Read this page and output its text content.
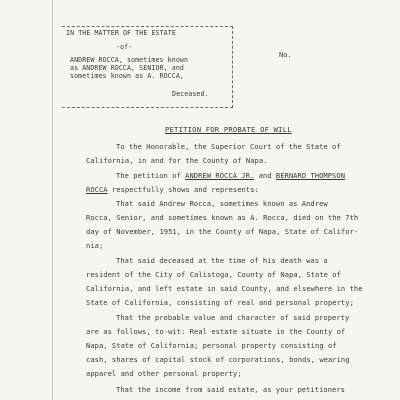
IN THE MATTER OF THE ESTATE
-of-
ANDREW ROCCA, sometimes known
as ANDREW ROCCA, SENIOR, and
sometimes known as A. ROCCA,
Deceased.
No.
PETITION FOR PROBATE OF WILL
To the Honorable, the Superior Court of the State of
California, in and for the County of Napa.
The petition of ANDREW ROCCA JR. and BERNARD THOMPSON
ROCCA respectfully shows and represents:
That said Andrew Rocca, sometimes known as Andrew
Rocca, Senior, and sometimes known as A. Rocca, died on the 7th
day of November, 1951, in the County of Napa, State of Califor-
nia;
That said deceased at the time of his death was a
resident of the City of Calistoga, County of Napa, State of
California, and left estate in said County, and elsewhere in the
State of California, consisting of real and personal property;
That the probable value and character of said property
are as follows, to-wit: Real estate situate in the County of
Napa, State of California; personal property consisting of
cash, shares of capital stock of corporations, bonds, wearing
apparel and other personal property;
That the income from said estate, as your petitioners
